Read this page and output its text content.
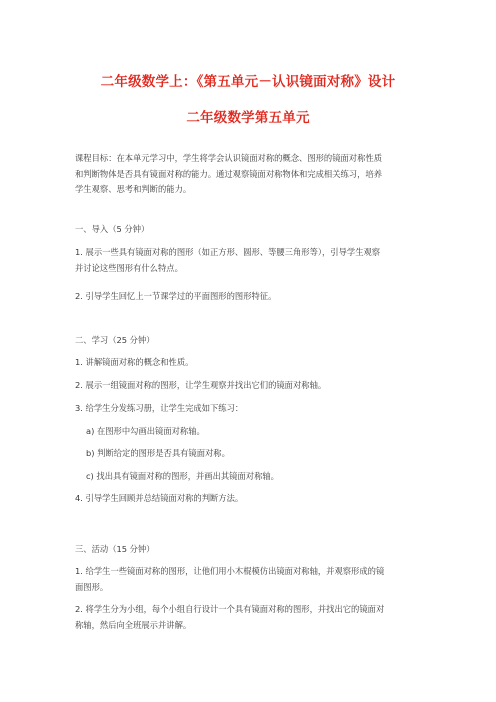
二年级数学上：《第五单元－认识镜面对称》设计
二年级数学第五单元
课程目标：在本单元学习中，学生将学会认识镜面对称的概念、图形的镜面对称性质
和判断物体是否具有镜面对称的能力。通过观察镜面对称物体和完成相关练习，培养
学生观察、思考和判断的能力。
一、导入（5 分钟）
1. 展示一些具有镜面对称的图形（如正方形、圆形、等腰三角形等），引导学生观察
并讨论这些图形有什么特点。
2. 引导学生回忆上一节课学过的平面图形的图形特征。
二、学习（25 分钟）
1. 讲解镜面对称的概念和性质。
2. 展示一组镜面对称的图形，让学生观察并找出它们的镜面对称轴。
3. 给学生分发练习册，让学生完成如下练习：
a) 在图形中勾画出镜面对称轴。
b) 判断给定的图形是否具有镜面对称。
c) 找出具有镜面对称的图形，并画出其镜面对称轴。
4. 引导学生回顾并总结镜面对称的判断方法。
三、活动（15 分钟）
1. 给学生一些镜面对称的图形，让他们用小木棍模仿出镜面对称轴，并观察形成的镜
面图形。
2. 将学生分为小组，每个小组自行设计一个具有镜面对称的图形，并找出它的镜面对
称轴，然后向全班展示并讲解。
